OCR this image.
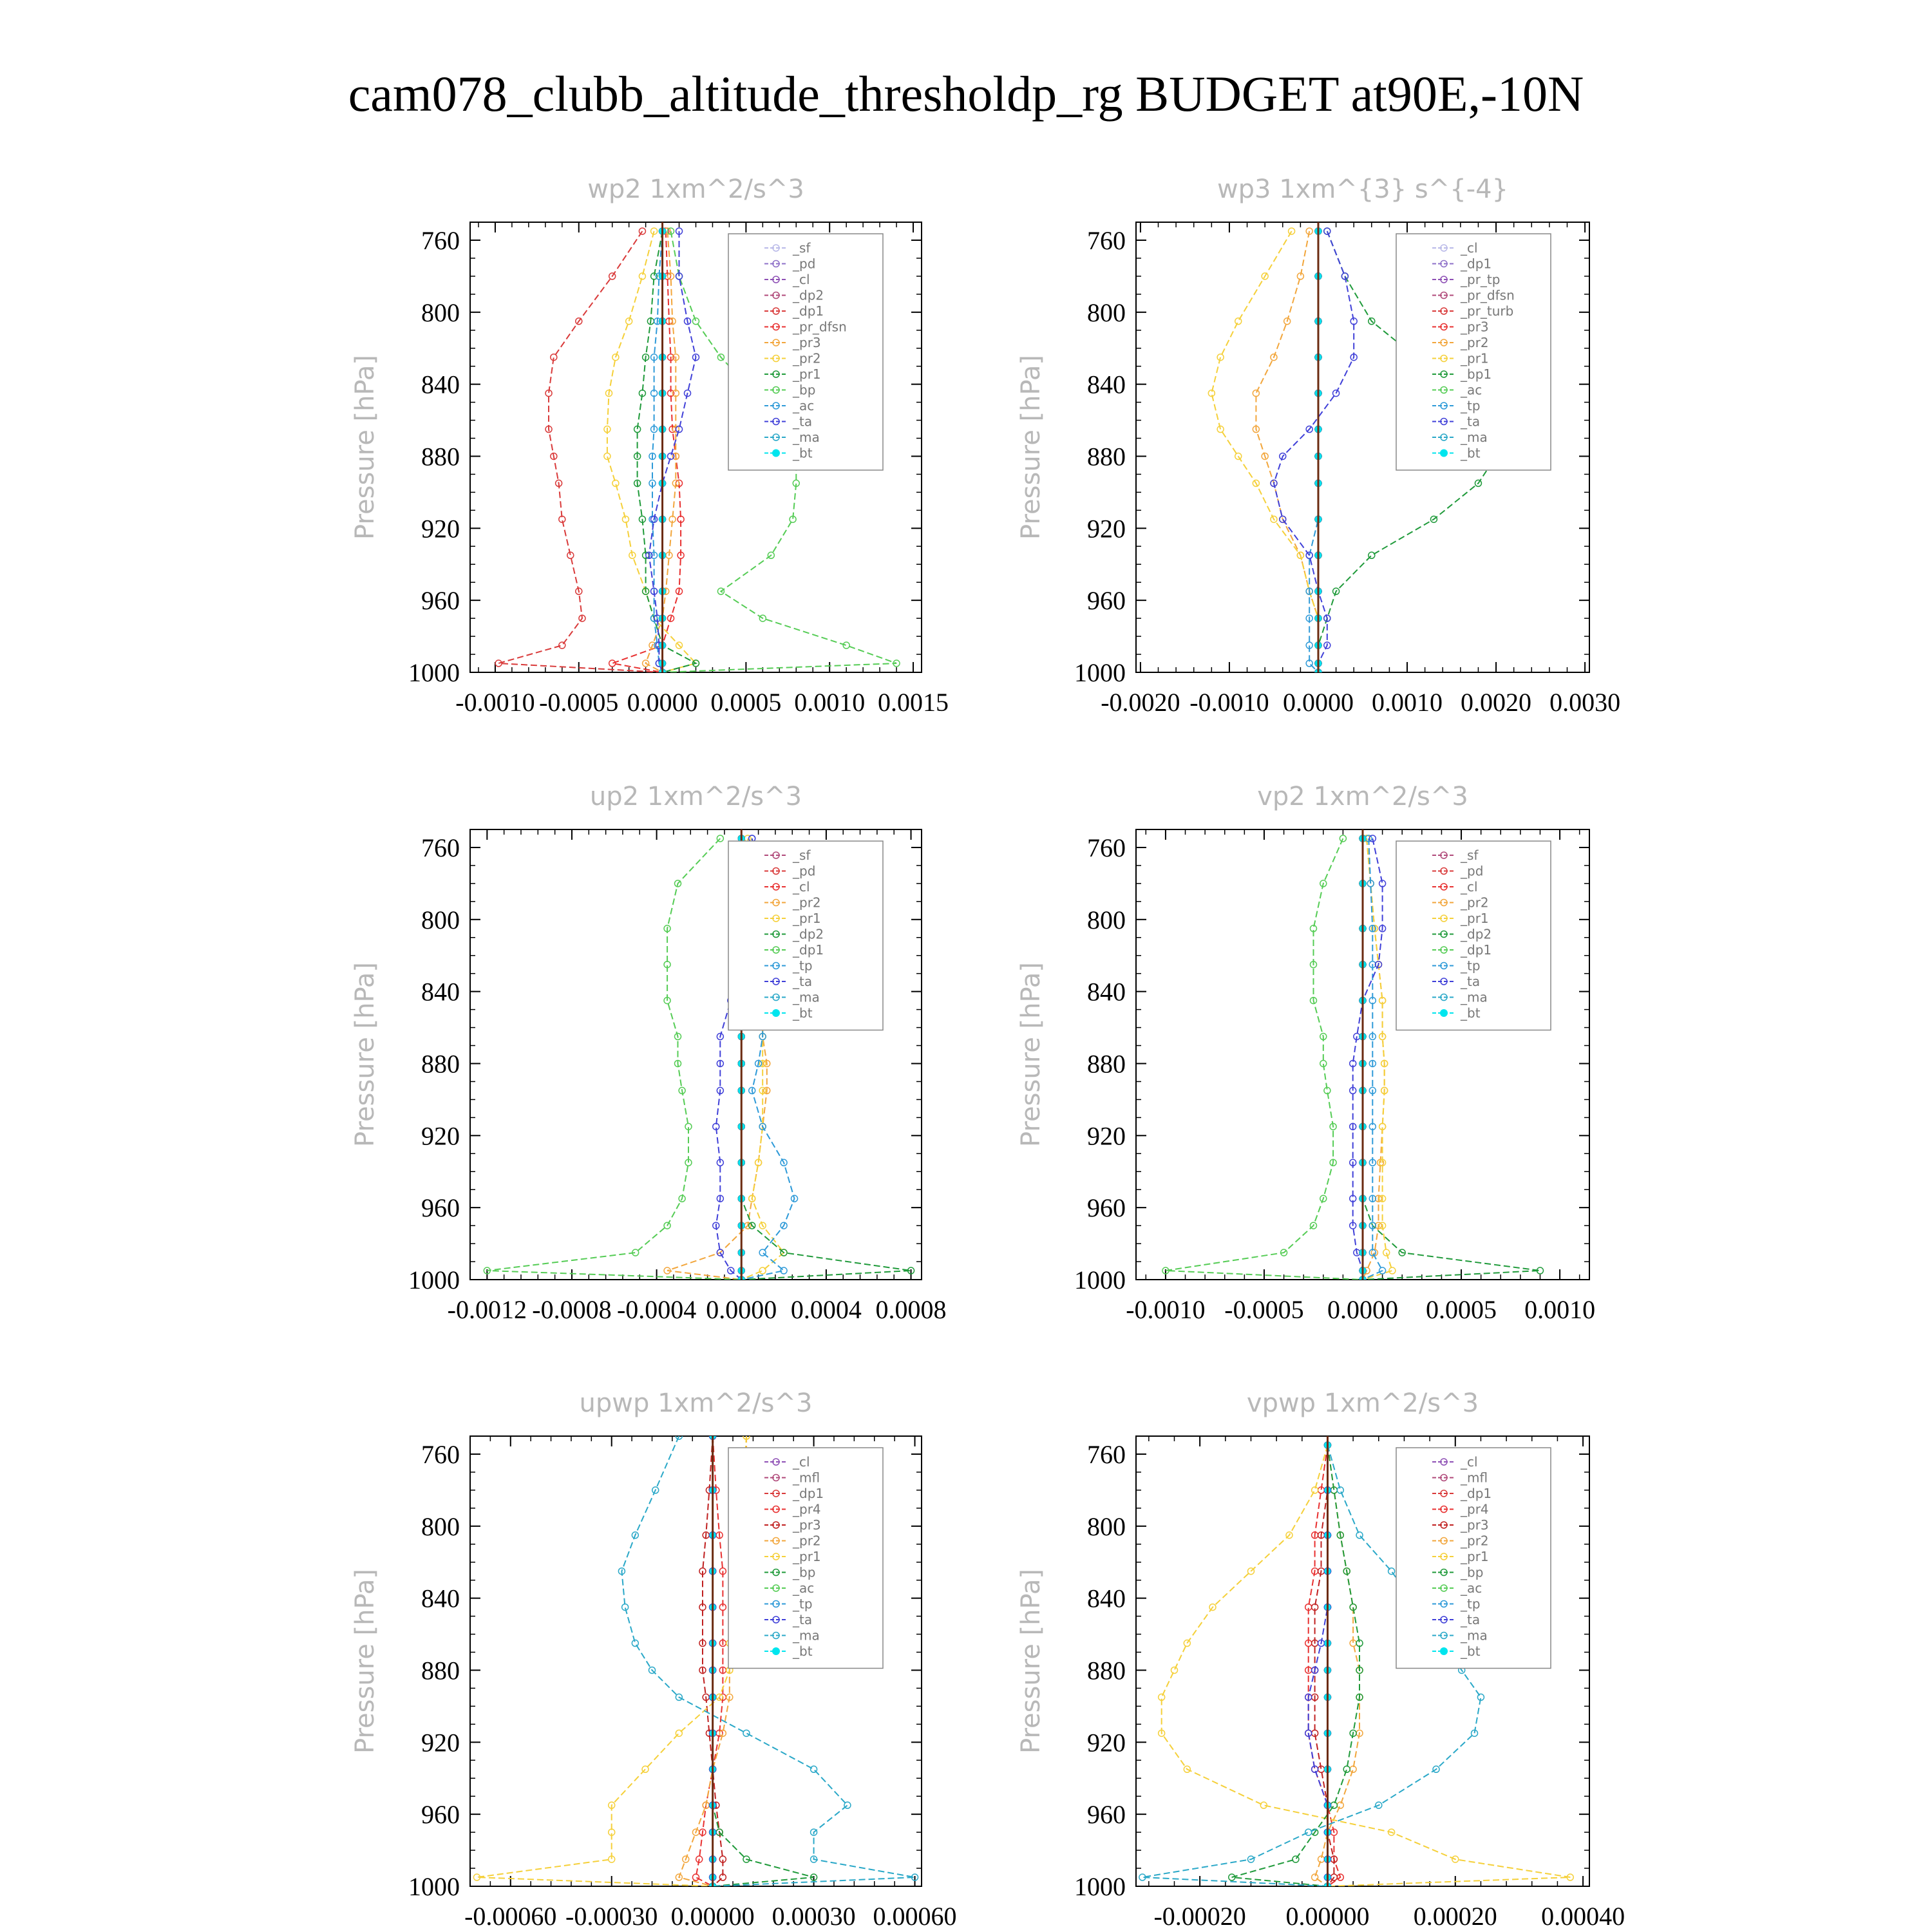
cam078_clubb_altitude_thresholdp_rg BUDGET at90E,-10N
wp2 1xm^2/s^3
Pressure [hPa]
760
800
840
880
920
960
1000
-0.0010 -0.0005 0.0000 0.0005 0.0010 0.0015
_sf
_pd
_cl
_dp2
_dp1
_pr_dfsn
_pr3
_pr2
_pr1
_bp
_ac
_ta
_ma
_bt
wp3 1xm^{3} s^{-4}
Pressure [hPa]
760
800
840
880
920
960
1000
-0.0020 -0.0010 0.0000 0.0010 0.0020 0.0030
_cl
_dp1
_pr_tp
_pr_dfsn
_pr_turb
_pr3
_pr2
_pr1
_bp1
_ac
_tp
_ta
_ma
_bt
up2 1xm^2/s^3
Pressure [hPa]
760
800
840
880
920
960
1000
-0.0012 -0.0008 -0.0004 0.0000 0.0004 0.0008
_sf
_pd
_cl
_pr2
_pr1
_dp2
_dp1
_tp
_ta
_ma
_bt
vp2 1xm^2/s^3
Pressure [hPa]
760
800
840
880
920
960
1000
-0.0010 -0.0005 0.0000 0.0005 0.0010
_sf
_pd
_cl
_pr2
_pr1
_dp2
_dp1
_tp
_ta
_ma
_bt
upwp 1xm^2/s^3
Pressure [hPa]
760
800
840
880
920
960
1000
-0.00060 -0.00030 0.00000 0.00030 0.00060
_cl
_mfl
_dp1
_pr4
_pr3
_pr2
_pr1
_bp
_ac
_tp
_ta
_ma
_bt
vpwp 1xm^2/s^3
Pressure [hPa]
760
800
840
880
920
960
1000
-0.00020 0.00000 0.00020 0.00040
_cl
_mfl
_dp1
_pr4
_pr3
_pr2
_pr1
_bp
_ac
_tp
_ta
_ma
_bt
